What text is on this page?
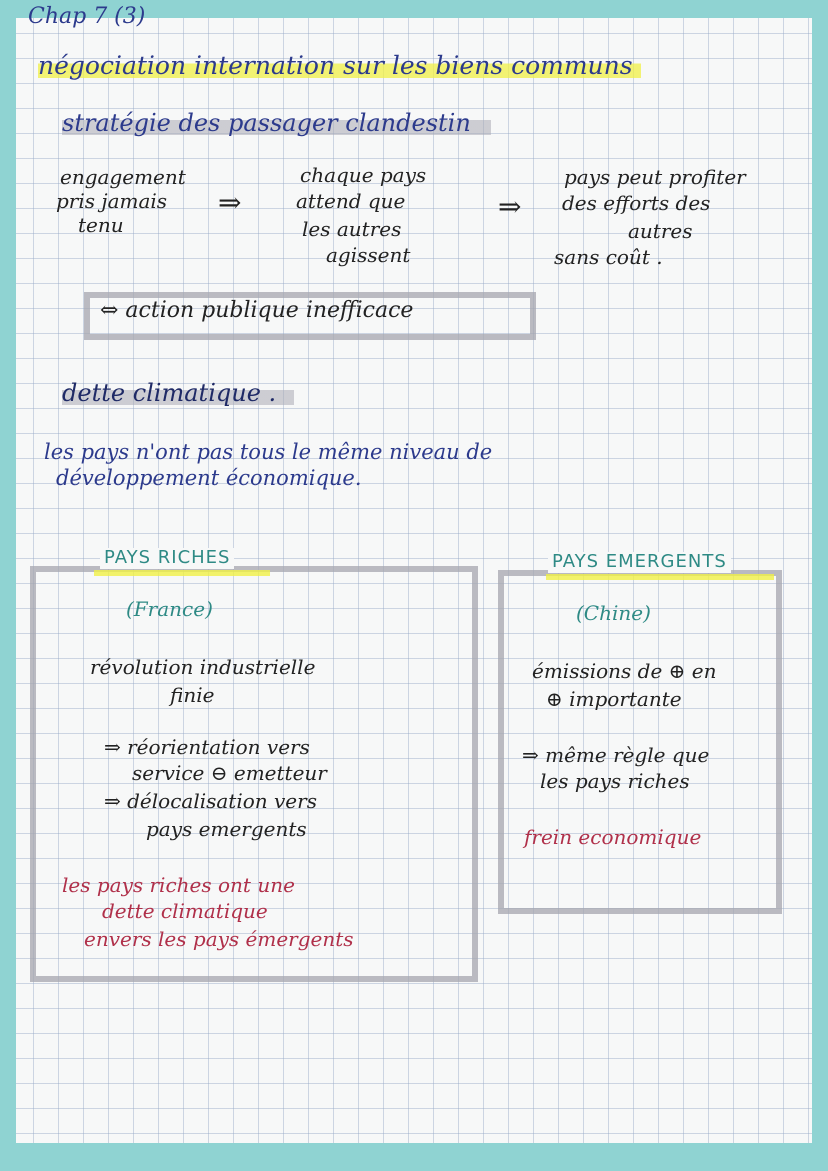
Chap 7 (3)
négociation internation sur les biens communs
stratégie des passager clandestin
engagement
pris jamais
tenu
⇒
chaque pays
attend que
les autres
agissent
⇒
pays peut profiter
des efforts des
autres
sans coût .
⇔ action publique inefficace
dette climatique .
les pays n'ont pas tous le même niveau de
développement économique.
PAYS RICHES
(France)
révolution industrielle
finie
⇒ réorientation vers
service ⊖ emetteur
⇒ délocalisation vers
pays emergents
les pays riches ont une
dette climatique
envers les pays émergents
PAYS EMERGENTS
(Chine)
émissions de ⊕ en
⊕ importante
⇒ même règle que
les pays riches
frein economique
